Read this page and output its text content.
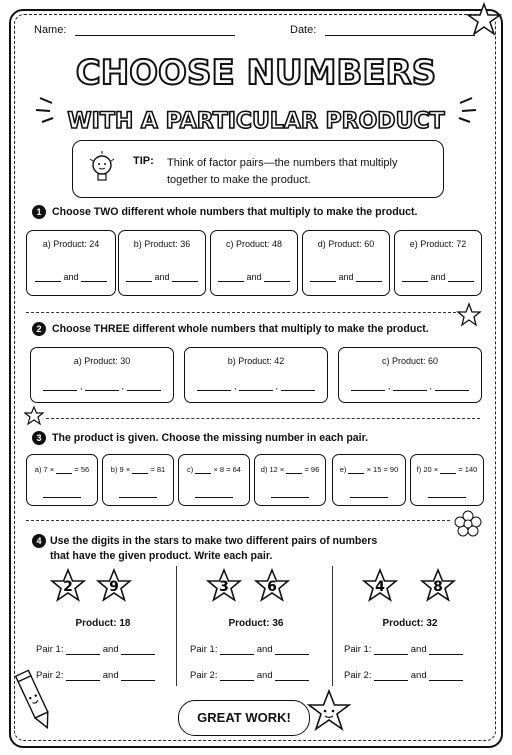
Name:	Date:
CHOOSE NUMBERS
WITH A PARTICULAR PRODUCT
TIP: Think of factor pairs—the numbers that multiply together to make the product.
1 Choose TWO different whole numbers that multiply to make the product.
a) Product: 24
and
b) Product: 36
and
c) Product: 48
and
d) Product: 60
and
e) Product: 72
and
2 Choose THREE different whole numbers that multiply to make the product.
a) Product: 30
,	,
b) Product: 42
,	,
c) Product: 60
,	,
3 The product is given. Choose the missing number in each pair.
a) 7 ×	= 56	b) 9 ×	= 81	c)	× 8 = 64	d) 12 ×	= 96	e)	× 15 = 90	f) 20 ×	= 140
4 Use the digits in the stars to make two different pairs of numbers
that have the given product. Write each pair.
2	9
Product: 18
Pair 1:	and
Pair 2:	and
3	6
Product: 36
Pair 1:	and
Pair 2:	and
4	8
Product: 32
Pair 1:	and
Pair 2:	and
GREAT WORK!
